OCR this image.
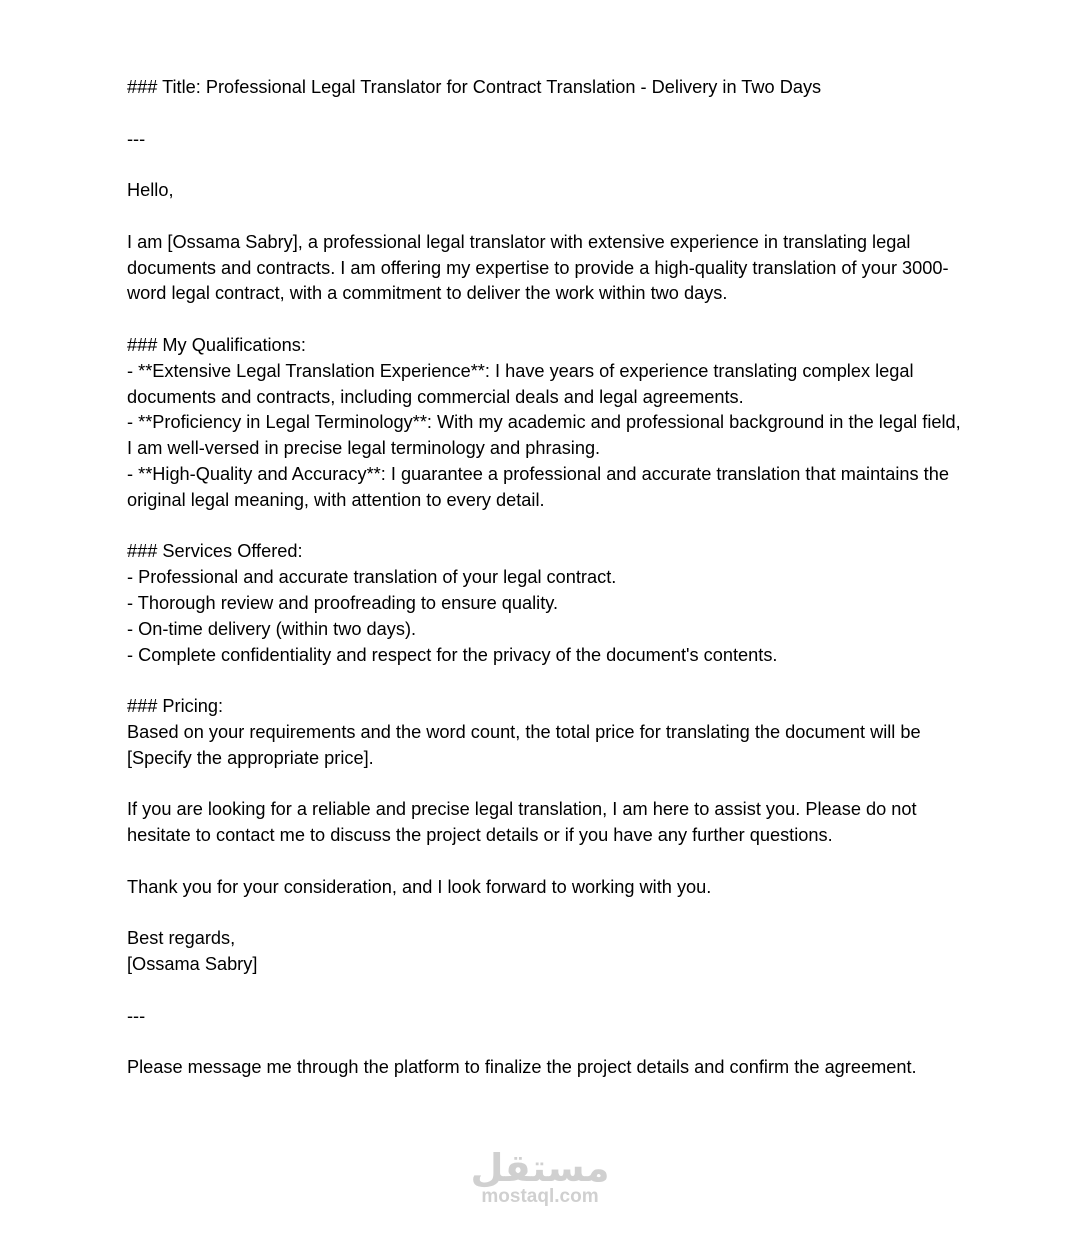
### Title: Professional Legal Translator for Contract Translation - Delivery in Two Days

---

Hello,

I am [Ossama Sabry], a professional legal translator with extensive experience in translating legal documents and contracts. I am offering my expertise to provide a high-quality translation of your 3000-word legal contract, with a commitment to deliver the work within two days.

### My Qualifications:

- **Extensive Legal Translation Experience**: I have years of experience translating complex legal documents and contracts, including commercial deals and legal agreements.

- **Proficiency in Legal Terminology**: With my academic and professional background in the legal field, I am well-versed in precise legal terminology and phrasing.

- **High-Quality and Accuracy**: I guarantee a professional and accurate translation that maintains the original legal meaning, with attention to every detail.

### Services Offered:

- Professional and accurate translation of your legal contract.

- Thorough review and proofreading to ensure quality.

- On-time delivery (within two days).

- Complete confidentiality and respect for the privacy of the document's contents.

### Pricing:

Based on your requirements and the word count, the total price for translating the document will be [Specify the appropriate price].

If you are looking for a reliable and precise legal translation, I am here to assist you. Please do not hesitate to contact me to discuss the project details or if you have any further questions.

Thank you for your consideration, and I look forward to working with you.

Best regards,

[Ossama Sabry]

---

Please message me through the platform to finalize the project details and confirm the agreement.

مستقل
mostaql.com
